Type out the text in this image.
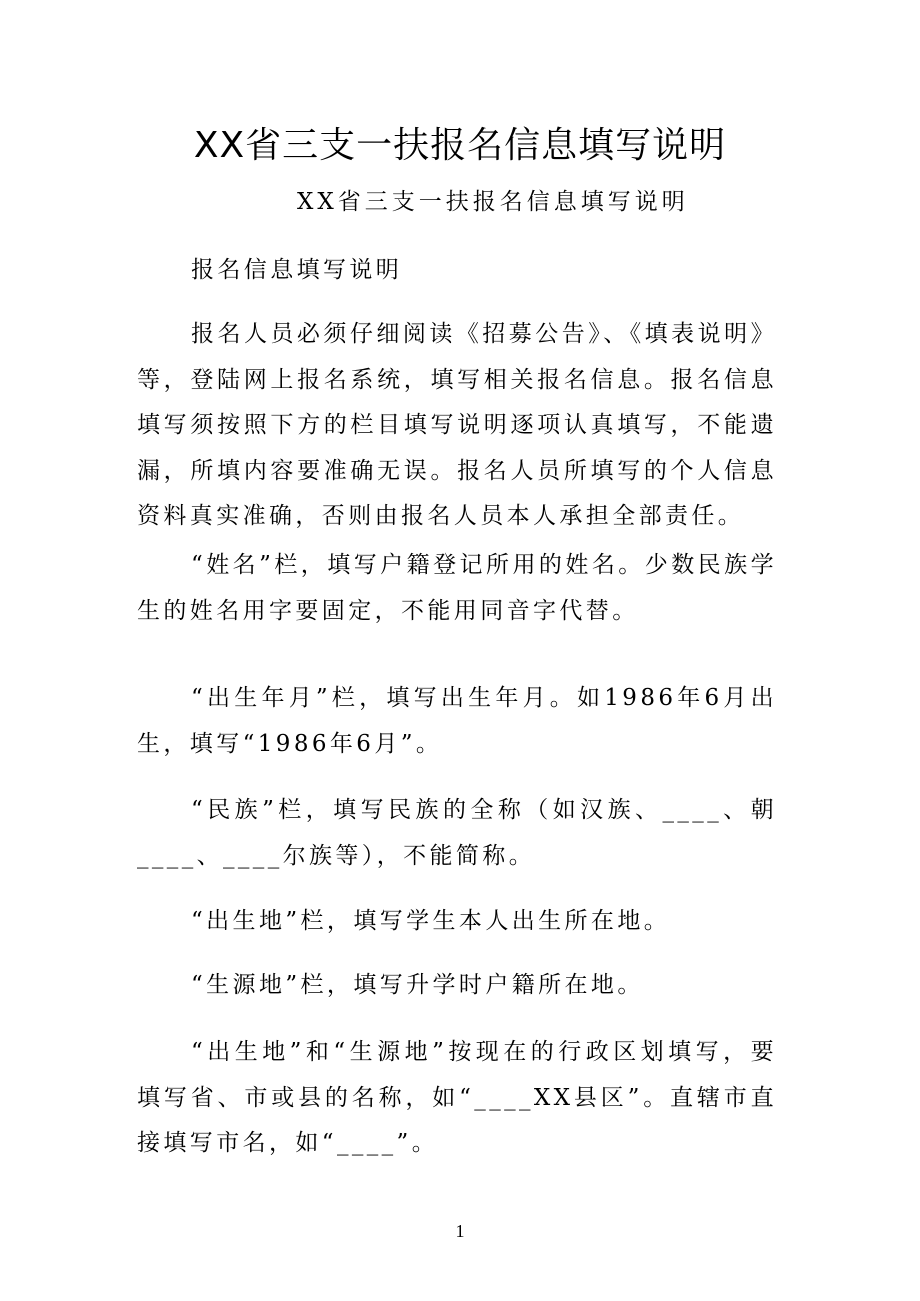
XX省三支一扶报名信息填写说明
XX省三支一扶报名信息填写说明

报名信息填写说明

报名人员必须仔细阅读《招募公告》、《填表说明》等，登陆网上报名系统，填写相关报名信息。报名信息填写须按照下方的栏目填写说明逐项认真填写，不能遗漏，所填内容要准确无误。报名人员所填写的个人信息资料真实准确，否则由报名人员本人承担全部责任。

“姓名”栏，填写户籍登记所用的姓名。少数民族学生的姓名用字要固定，不能用同音字代替。

“出生年月”栏，填写出生年月。如1986年6月出生，填写“1986年6月”。

“民族”栏，填写民族的全称（如汉族、____、朝____、____尔族等），不能简称。

“出生地”栏，填写学生本人出生所在地。

“生源地”栏，填写升学时户籍所在地。

“出生地”和“生源地”按现在的行政区划填写，要填写省、市或县的名称，如“____XX县区”。直辖市直接填写市名，如“____”。

1
